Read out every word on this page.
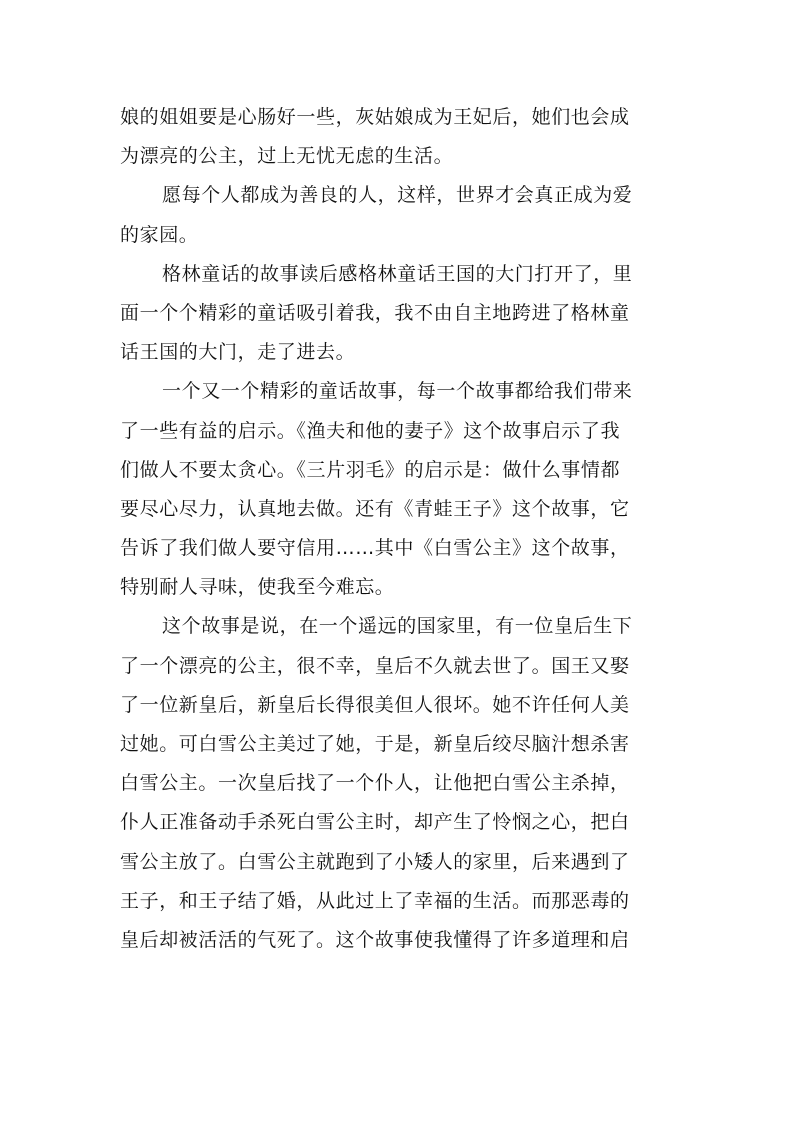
娘的姐姐要是心肠好一些，灰姑娘成为王妃后，她们也会成
为漂亮的公主，过上无忧无虑的生活。
愿每个人都成为善良的人，这样，世界才会真正成为爱
的家园。
格林童话的故事读后感格林童话王国的大门打开了，里
面一个个精彩的童话吸引着我，我不由自主地跨进了格林童
话王国的大门，走了进去。
一个又一个精彩的童话故事，每一个故事都给我们带来
了一些有益的启示。《渔夫和他的妻子》这个故事启示了我
们做人不要太贪心。《三片羽毛》的启示是：做什么事情都
要尽心尽力，认真地去做。还有《青蛙王子》这个故事，它
告诉了我们做人要守信用……其中《白雪公主》这个故事，
特别耐人寻味，使我至今难忘。
这个故事是说，在一个遥远的国家里，有一位皇后生下
了一个漂亮的公主，很不幸，皇后不久就去世了。国王又娶
了一位新皇后，新皇后长得很美但人很坏。她不许任何人美
过她。可白雪公主美过了她，于是，新皇后绞尽脑汁想杀害
白雪公主。一次皇后找了一个仆人，让他把白雪公主杀掉，
仆人正准备动手杀死白雪公主时，却产生了怜悯之心，把白
雪公主放了。白雪公主就跑到了小矮人的家里，后来遇到了
王子，和王子结了婚，从此过上了幸福的生活。而那恶毒的
皇后却被活活的气死了。这个故事使我懂得了许多道理和启
